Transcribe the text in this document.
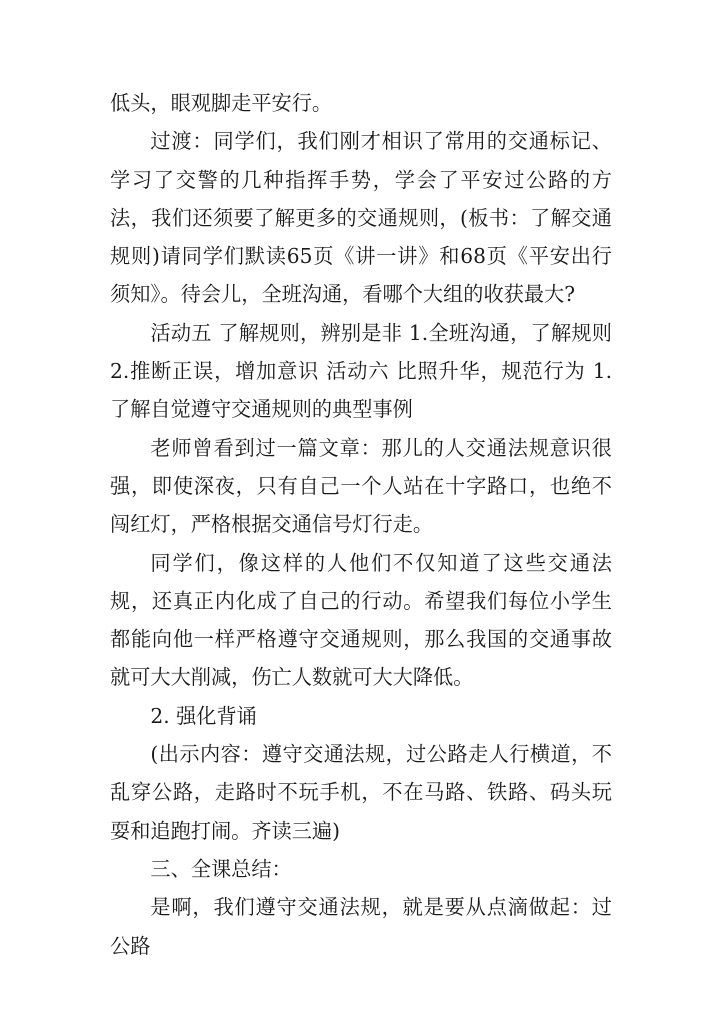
低头，眼观脚走平安行。

过渡：同学们，我们刚才相识了常用的交通标记、学习了交警的几种指挥手势，学会了平安过公路的方法，我们还须要了解更多的交通规则，(板书：了解交通规则)请同学们默读65页《讲一讲》和68页《平安出行须知》。待会儿，全班沟通，看哪个大组的收获最大?

活动五 了解规则，辨别是非 1.全班沟通，了解规则 2.推断正误，增加意识 活动六 比照升华，规范行为 1. 了解自觉遵守交通规则的典型事例

老师曾看到过一篇文章：那儿的人交通法规意识很强，即使深夜，只有自己一个人站在十字路口，也绝不闯红灯，严格根据交通信号灯行走。

同学们，像这样的人他们不仅知道了这些交通法规，还真正内化成了自己的行动。希望我们每位小学生都能向他一样严格遵守交通规则，那么我国的交通事故就可大大削减，伤亡人数就可大大降低。

2. 强化背诵

(出示内容：遵守交通法规，过公路走人行横道，不乱穿公路，走路时不玩手机，不在马路、铁路、码头玩耍和追跑打闹。齐读三遍)

三、全课总结：

是啊，我们遵守交通法规，就是要从点滴做起：过公路
